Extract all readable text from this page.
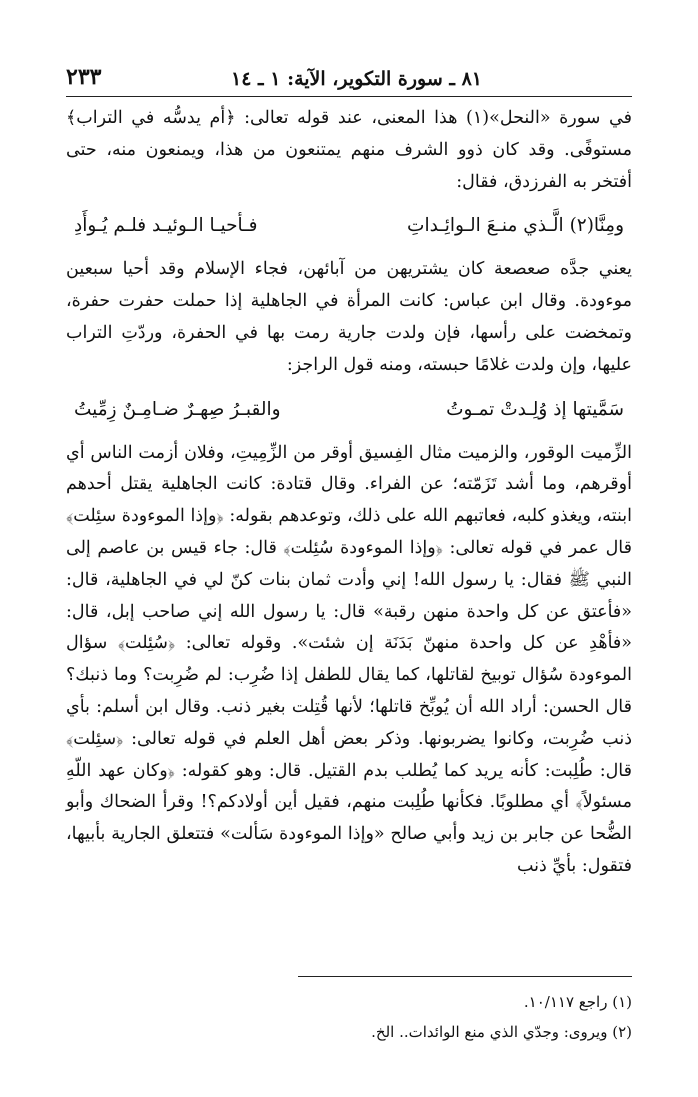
٨١ ـ سورة التكوير، الآية: ١ ـ ١٤
٢٣٣

في سورة «النحل»(١) هذا المعنى، عند قوله تعالى: ﴿أم يدسُّه في التراب﴾ مستوفًى. وقد كان ذوو الشرف منهم يمتنعون من هذا، ويمنعون منه، حتى أفتخر به الفرزدق، فقال:

ومِنَّا(٢) الَّـذي منـعَ الـوائِـداتِ
فـأحيـا الـوئيـد فلـم يُـوأَدِ

يعني جدَّه صعصعة كان يشتريهن من آبائهن، فجاء الإسلام وقد أحيا سبعين موءودة. وقال ابن عباس: كانت المرأة في الجاهلية إذا حملت حفرت حفرة، وتمخضت على رأسها، فإن ولدت جارية رمت بها في الحفرة، وردّتِ التراب عليها، وإن ولدت غلامًا حبسته، ومنه قول الراجز:

سَمَّيتها إذ وُلِـدتْ تمـوتُ
والقبـرُ صِهـرٌ ضـامِـنٌ زِمِّيتُ

الزِّميت الوقور، والزميت مثال الفِسيق أوقر من الزِّمِيتِ، وفلان أزمت الناس أي أوقرهم، وما أشد تَزَمّته؛ عن الفراء. وقال قتادة: كانت الجاهلية يقتل أحدهم ابنته، ويغذو كلبه، فعاتبهم الله على ذلك، وتوعدهم بقوله: ﴿وإذا الموءودة سئِلت﴾ قال عمر في قوله تعالى: ﴿وإذا الموءودة سُئِلت﴾ قال: جاء قيس بن عاصم إلى النبي ﷺ فقال: يا رسول الله! إني وأدت ثمان بنات كنّ لي في الجاهلية، قال: «فأعتق عن كل واحدة منهن رقبة» قال: يا رسول الله إني صاحب إبل، قال: «فأهْدِ عن كل واحدة منهنّ بَدَنَة إن شئت». وقوله تعالى: ﴿سُئِلت﴾ سؤال الموءودة سُؤال توبيخ لقاتلها، كما يقال للطفل إذا ضُرِب: لم ضُرِبت؟ وما ذنبك؟ قال الحسن: أراد الله أن يُوبِّخ قاتلها؛ لأنها قُتِلت بغير ذنب. وقال ابن أسلم: بأي ذنب ضُرِبت، وكانوا يضربونها. وذكر بعض أهل العلم في قوله تعالى: ﴿سئِلت﴾ قال: طُلِبت: كأنه يريد كما يُطلب بدم القتيل. قال: وهو كقوله: ﴿وكان عهد اللّهِ مسئولاً﴾ أي مطلوبًا. فكأنها طُلِبت منهم، فقيل أين أولادكم؟! وقرأ الضحاك وأبو الضُّحا عن جابر بن زيد وأبي صالح «وإذا الموءودة سَألت» فتتعلق الجارية بأبيها، فتقول: بأيِّ ذنب

(١) راجع ١٠/١١٧.
(٢) ويروى: وجدّي الذي منع الوائدات.. الخ.
